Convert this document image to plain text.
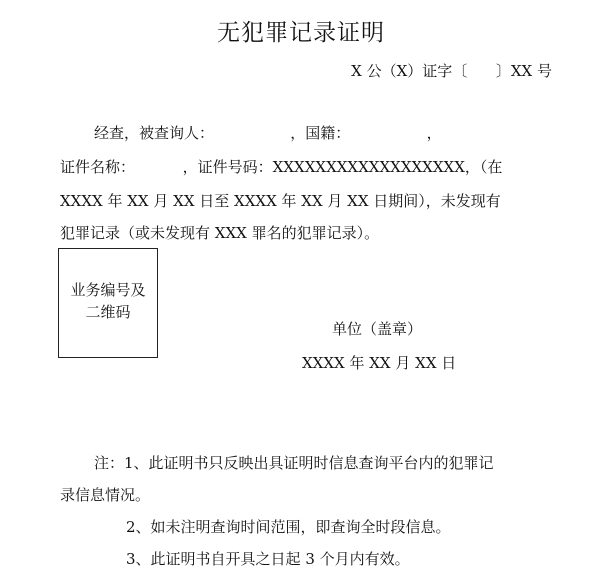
无犯罪记录证明
X 公（X）证字〔      〕XX 号
经查，被查询人：                ，国籍：                ，
证件名称：          ，证件号码：XXXXXXXXXXXXXXXXXX，（在
XXXX 年 XX 月 XX 日至 XXXX 年 XX 月 XX 日期间），未发现有
犯罪记录（或未发现有 XXX 罪名的犯罪记录）。
业务编号及二维码
单位（盖章）
XXXX 年 XX 月 XX 日
注：1、此证明书只反映出具证明时信息查询平台内的犯罪记
录信息情况。
2、如未注明查询时间范围，即查询全时段信息。
3、此证明书自开具之日起 3 个月内有效。
